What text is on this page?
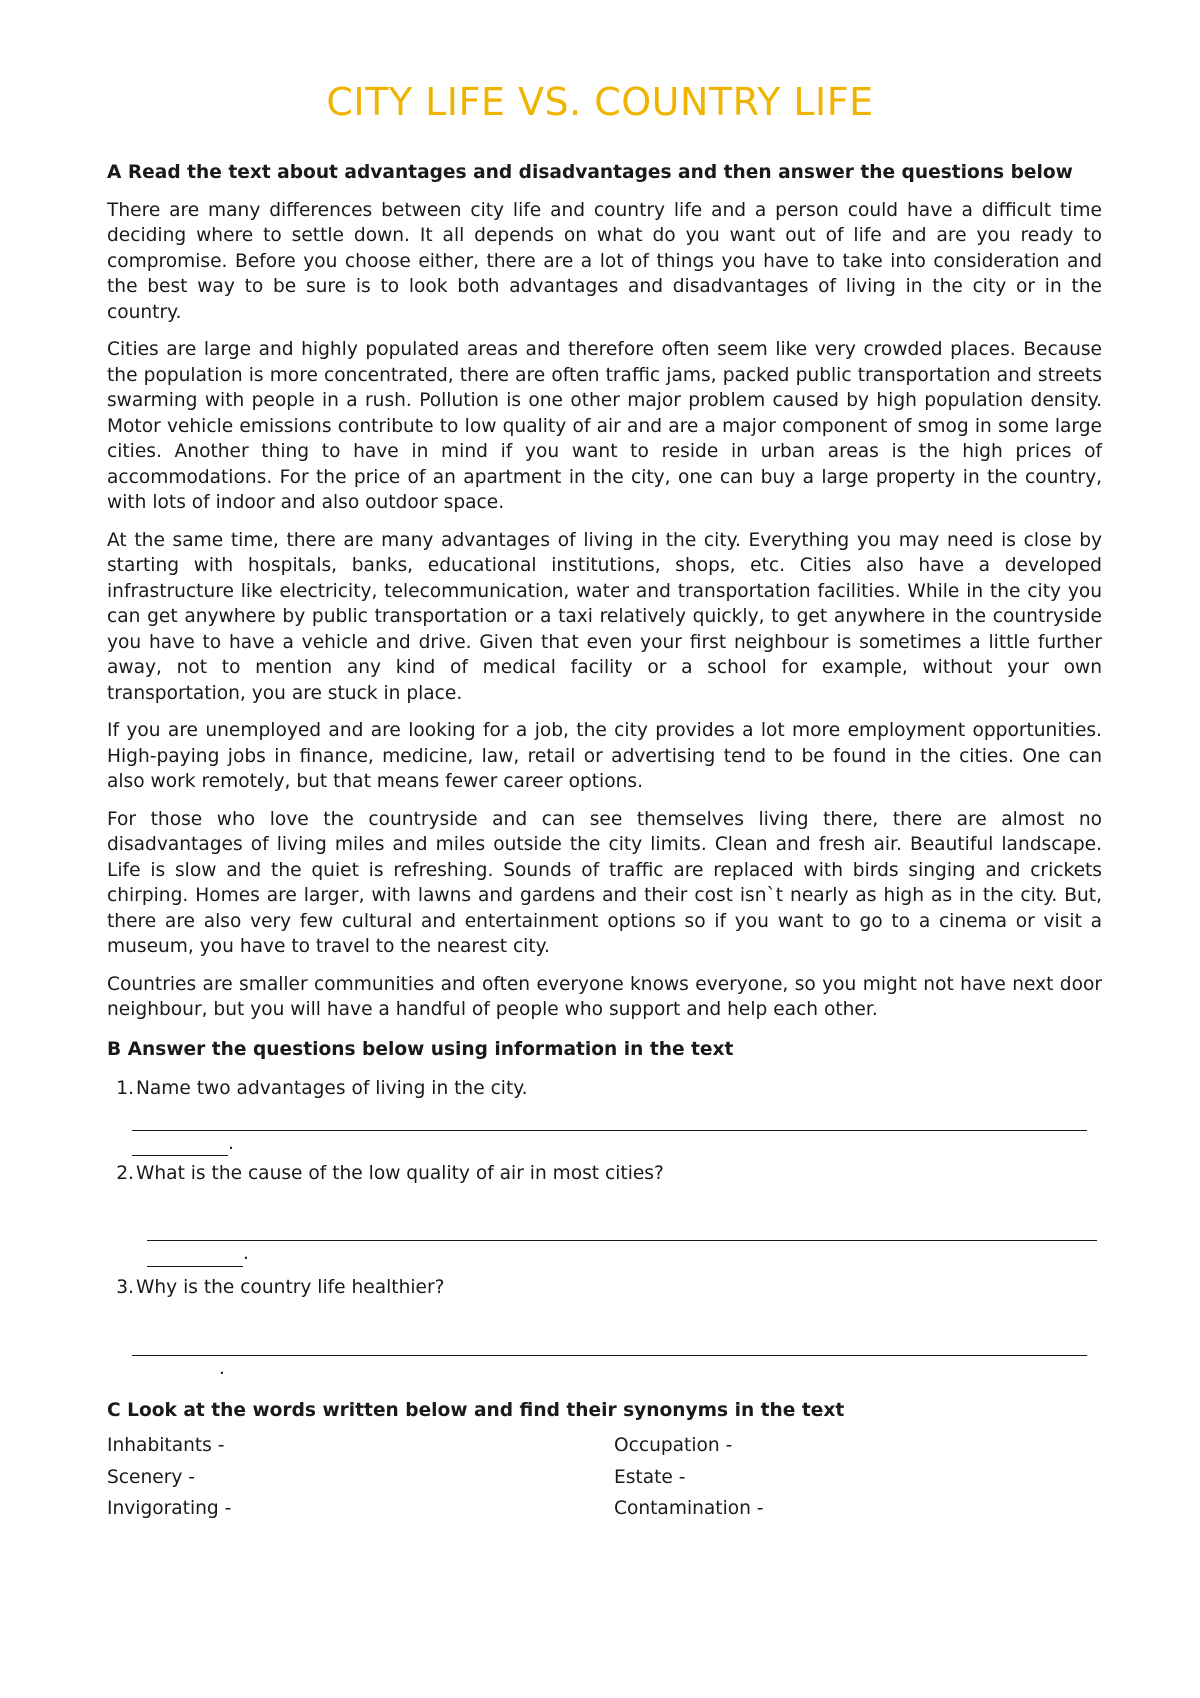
CITY LIFE VS. COUNTRY LIFE

A Read the text about advantages and disadvantages and then answer the questions below

There are many differences between city life and country life and a person could have a difficult time deciding where to settle down. It all depends on what do you want out of life and are you ready to compromise. Before you choose either, there are a lot of things you have to take into consideration and the best way to be sure is to look both advantages and disadvantages of living in the city or in the country.

Cities are large and highly populated areas and therefore often seem like very crowded places. Because the population is more concentrated, there are often traffic jams, packed public transportation and streets swarming with people in a rush. Pollution is one other major problem caused by high population density. Motor vehicle emissions contribute to low quality of air and are a major component of smog in some large cities. Another thing to have in mind if you want to reside in urban areas is the high prices of accommodations. For the price of an apartment in the city, one can buy a large property in the country, with lots of indoor and also outdoor space.

At the same time, there are many advantages of living in the city. Everything you may need is close by starting with hospitals, banks, educational institutions, shops, etc. Cities also have a developed infrastructure like electricity, telecommunication, water and transportation facilities. While in the city you can get anywhere by public transportation or a taxi relatively quickly, to get anywhere in the countryside you have to have a vehicle and drive. Given that even your first neighbour is sometimes a little further away, not to mention any kind of medical facility or a school for example, without your own transportation, you are stuck in place.

If you are unemployed and are looking for a job, the city provides a lot more employment opportunities. High-paying jobs in finance, medicine, law, retail or advertising tend to be found in the cities. One can also work remotely, but that means fewer career options.

For those who love the countryside and can see themselves living there, there are almost no disadvantages of living miles and miles outside the city limits. Clean and fresh air. Beautiful landscape. Life is slow and the quiet is refreshing. Sounds of traffic are replaced with birds singing and crickets chirping. Homes are larger, with lawns and gardens and their cost isn`t nearly as high as in the city. But, there are also very few cultural and entertainment options so if you want to go to a cinema or visit a museum, you have to travel to the nearest city.

Countries are smaller communities and often everyone knows everyone, so you might not have next door neighbour, but you will have a handful of people who support and help each other.

B Answer the questions below using information in the text

1. Name two advantages of living in the city.
.
2. What is the cause of the low quality of air in most cities?
.
3. Why is the country life healthier?
.

C Look at the words written below and find their synonyms in the text

Inhabitants -	Occupation -
Scenery -	Estate -
Invigorating -	Contamination -
